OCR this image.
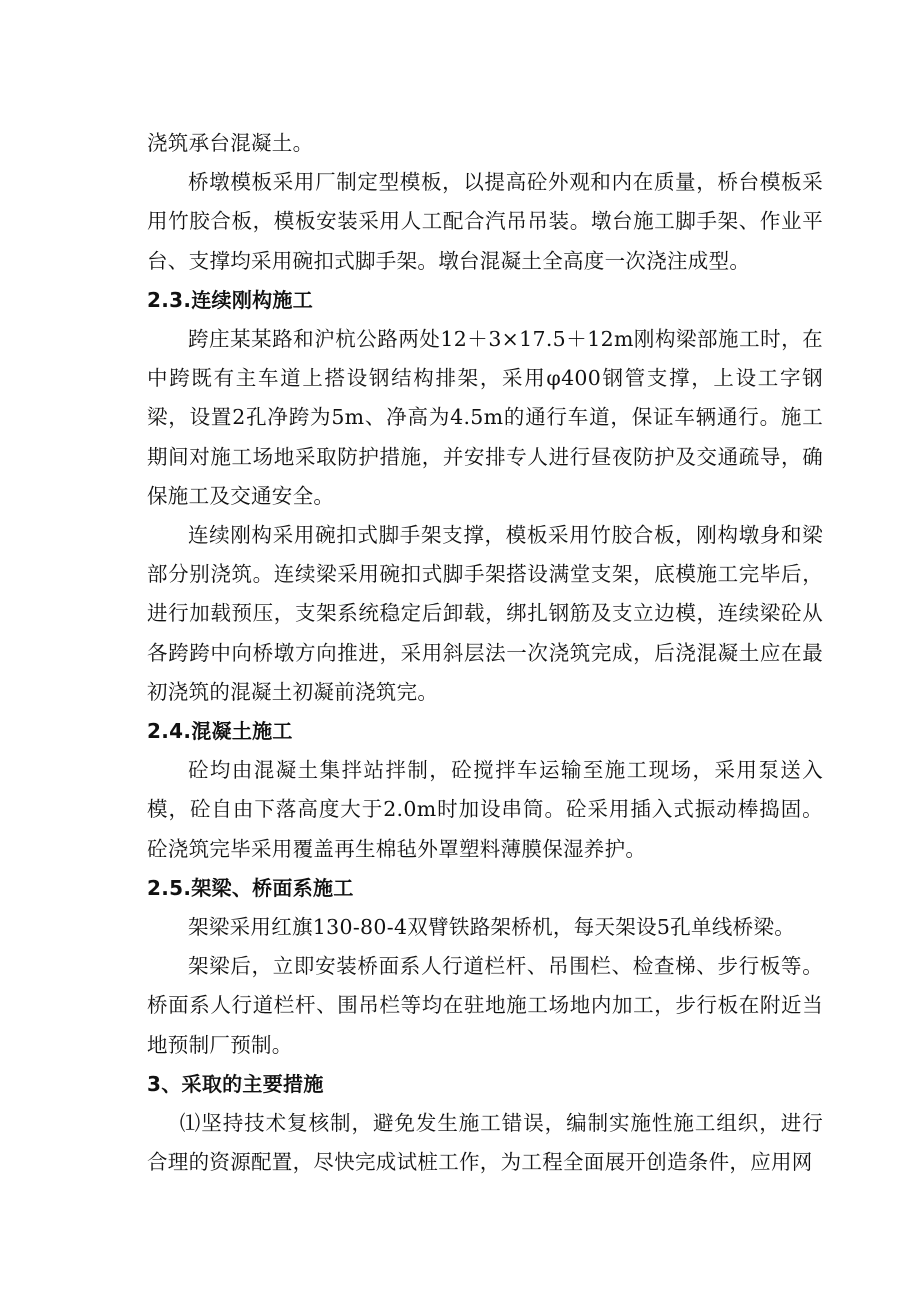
浇筑承台混凝土。

桥墩模板采用厂制定型模板，以提高砼外观和内在质量，桥台模板采用竹胶合板，模板安装采用人工配合汽吊吊装。墩台施工脚手架、作业平台、支撑均采用碗扣式脚手架。墩台混凝土全高度一次浇注成型。

2.3.连续刚构施工

跨庄某某路和沪杭公路两处12＋3×17.5＋12m刚构梁部施工时，在中跨既有主车道上搭设钢结构排架，采用φ400钢管支撑，上设工字钢梁，设置2孔净跨为5m、净高为4.5m的通行车道，保证车辆通行。施工期间对施工场地采取防护措施，并安排专人进行昼夜防护及交通疏导，确保施工及交通安全。

连续刚构采用碗扣式脚手架支撑，模板采用竹胶合板，刚构墩身和梁部分别浇筑。连续梁采用碗扣式脚手架搭设满堂支架，底模施工完毕后，进行加载预压，支架系统稳定后卸载，绑扎钢筋及支立边模，连续梁砼从各跨跨中向桥墩方向推进，采用斜层法一次浇筑完成，后浇混凝土应在最初浇筑的混凝土初凝前浇筑完。

2.4.混凝土施工

砼均由混凝土集拌站拌制，砼搅拌车运输至施工现场，采用泵送入模，砼自由下落高度大于2.0m时加设串筒。砼采用插入式振动棒捣固。砼浇筑完毕采用覆盖再生棉毡外罩塑料薄膜保湿养护。

2.5.架梁、桥面系施工

架梁采用红旗130-80-4双臂铁路架桥机，每天架设5孔单线桥梁。

架梁后，立即安装桥面系人行道栏杆、吊围栏、检查梯、步行板等。桥面系人行道栏杆、围吊栏等均在驻地施工场地内加工，步行板在附近当地预制厂预制。

3、采取的主要措施

⑴坚持技术复核制，避免发生施工错误，编制实施性施工组织，进行合理的资源配置，尽快完成试桩工作，为工程全面展开创造条件，应用网
